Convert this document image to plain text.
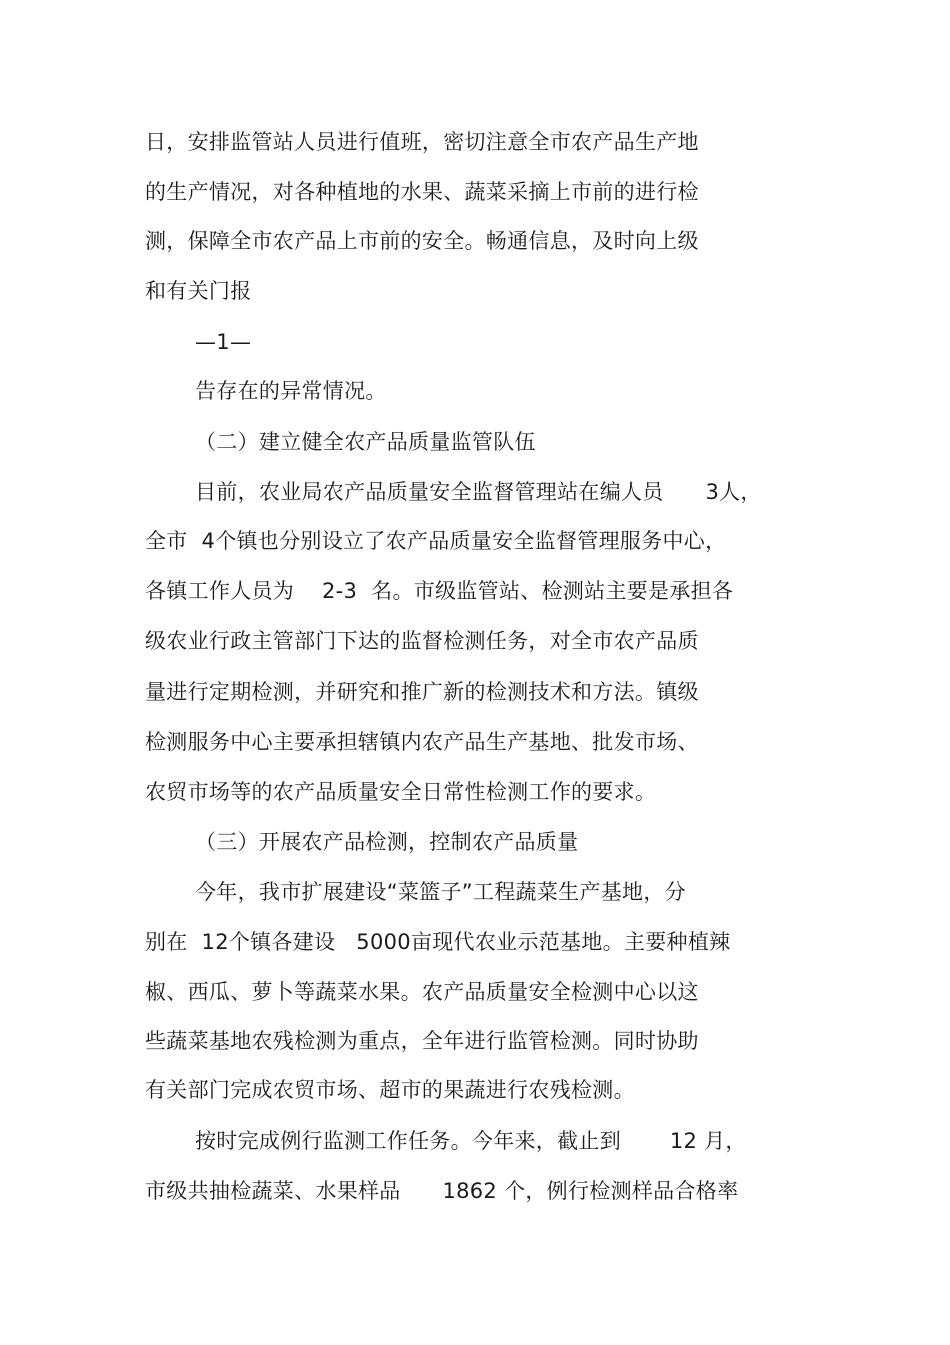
日，安排监管站人员进行值班，密切注意全市农产品生产地
的生产情况，对各种植地的水果、蔬菜采摘上市前的进行检
测，保障全市农产品上市前的安全。畅通信息，及时向上级
和有关门报
—1—
告存在的异常情况。
（二）建立健全农产品质量监管队伍
目前，农业局农产品质量安全监督管理站在编人员      3人，
全市  4个镇也分别设立了农产品质量安全监督管理服务中心，
各镇工作人员为    2-3  名。市级监管站、检测站主要是承担各
级农业行政主管部门下达的监督检测任务，对全市农产品质
量进行定期检测，并研究和推广新的检测技术和方法。镇级
检测服务中心主要承担辖镇内农产品生产基地、批发市场、
农贸市场等的农产品质量安全日常性检测工作的要求。
（三）开展农产品检测，控制农产品质量
今年，我市扩展建设“菜篮子”工程蔬菜生产基地，分
别在  12个镇各建设   5000亩现代农业示范基地。主要种植辣
椒、西瓜、萝卜等蔬菜水果。农产品质量安全检测中心以这
些蔬菜基地农残检测为重点，全年进行监管检测。同时协助
有关部门完成农贸市场、超市的果蔬进行农残检测。
按时完成例行监测工作任务。今年来，截止到       12 月，
市级共抽检蔬菜、水果样品      1862 个，例行检测样品合格率
